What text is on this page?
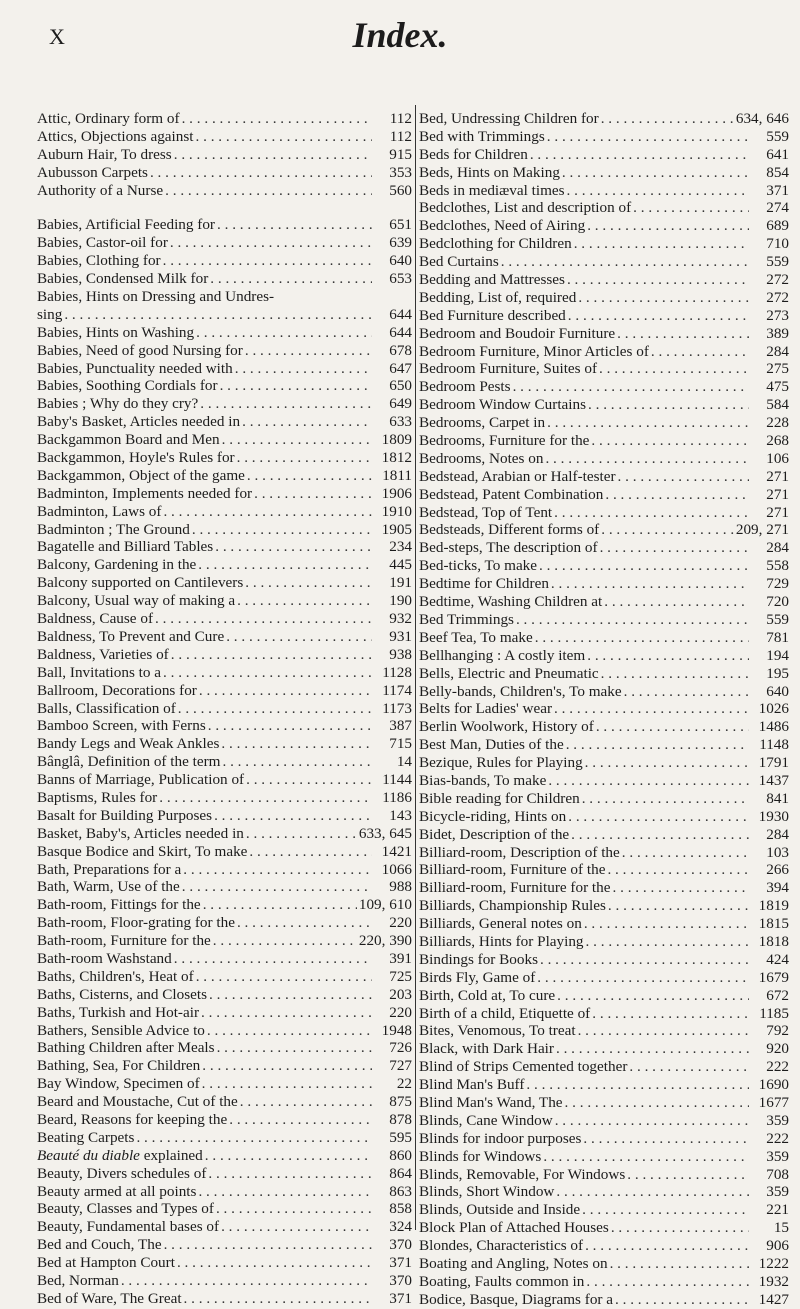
X	Index.
Attic, Ordinary form of . . .	112
Attics, Objections against . . .	112
Auburn Hair, To dress . . .	915
Aubusson Carpets . . .	353
Authority of a Nurse . . .	560
Babies, Artificial Feeding for . . .	651
Babies, Castor-oil for . . .	639
Babies, Clothing for . . .	640
Babies, Condensed Milk for . . .	653
Babies, Hints on Dressing and Undres-
sing . . .	644
Babies, Hints on Washing . . .	644
Babies, Need of good Nursing for . . .	678
Babies, Punctuality needed with . . .	647
Babies, Soothing Cordials for . . .	650
Babies ; Why do they cry? . . .	649
Baby's Basket, Articles needed in . . .	633
Backgammon Board and Men . . .	1809
Backgammon, Hoyle's Rules for . . .	1812
Backgammon, Object of the game . . .	1811
Badminton, Implements needed for . . .	1906
Badminton, Laws of . . .	1910
Badminton ; The Ground . . .	1905
Bagatelle and Billiard Tables . . .	234
Balcony, Gardening in the . . .	445
Balcony supported on Cantilevers . . .	191
Balcony, Usual way of making a . . .	190
Baldness, Cause of . . .	932
Baldness, To Prevent and Cure . . .	931
Baldness, Varieties of . . .	938
Ball, Invitations to a . . .	1128
Ballroom, Decorations for . . .	1174
Balls, Classification of . . .	1173
Bamboo Screen, with Ferns . . .	387
Bandy Legs and Weak Ankles . . .	715
Bânglâ, Definition of the term . . .	14
Banns of Marriage, Publication of . . .	1144
Baptisms, Rules for . . .	1186
Basalt for Building Purposes . . .	143
Basket, Baby's, Articles needed in . . .	633, 645
Basque Bodice and Skirt, To make . . .	1421
Bath, Preparations for a . . .	1066
Bath, Warm, Use of the . . .	988
Bath-room, Fittings for the . . .	109, 610
Bath-room, Floor-grating for the . . .	220
Bath-room, Furniture for the . . .	220, 390
Bath-room Washstand . . .	391
Baths, Children's, Heat of . . .	725
Baths, Cisterns, and Closets . . .	203
Baths, Turkish and Hot-air . . .	220
Bathers, Sensible Advice to . . .	1948
Bathing Children after Meals . . .	726
Bathing, Sea, For Children . . .	727
Bay Window, Specimen of . . .	22
Beard and Moustache, Cut of the . . .	875
Beard, Reasons for keeping the . . .	878
Beating Carpets . . .	595
Beauté du diable explained . . .	860
Beauty, Divers schedules of . . .	864
Beauty armed at all points . . .	863
Beauty, Classes and Types of . . .	858
Beauty, Fundamental bases of . . .	324
Bed and Couch, The . . .	370
Bed at Hampton Court . . .	371
Bed, Norman . . .	370
Bed of Ware, The Great . . .	371
Bed, Undressing Children for . . .	634, 646
Bed with Trimmings . . .	559
Beds for Children . . .	641
Beds, Hints on Making . . .	854
Beds in mediæval times . . .	371
Bedclothes, List and description of . . .	274
Bedclothes, Need of Airing . . .	689
Bedclothing for Children . . .	710
Bed Curtains . . .	559
Bedding and Mattresses . . .	272
Bedding, List of, required . . .	272
Bed Furniture described . . .	273
Bedroom and Boudoir Furniture . . .	389
Bedroom Furniture, Minor Articles of . . .	284
Bedroom Furniture, Suites of . . .	275
Bedroom Pests . . .	475
Bedroom Window Curtains . . .	584
Bedrooms, Carpet in . . .	228
Bedrooms, Furniture for the . . .	268
Bedrooms, Notes on . . .	106
Bedstead, Arabian or Half-tester . . .	271
Bedstead, Patent Combination . . .	271
Bedstead, Top of Tent . . .	271
Bedsteads, Different forms of . . .	209, 271
Bed-steps, The description of . . .	284
Bed-ticks, To make . . .	558
Bedtime for Children . . .	729
Bedtime, Washing Children at . . .	720
Bed Trimmings . . .	559
Beef Tea, To make . . .	781
Bellhanging : A costly item . . .	194
Bells, Electric and Pneumatic . . .	195
Belly-bands, Children's, To make . . .	640
Belts for Ladies' wear . . .	1026
Berlin Woolwork, History of . . .	1486
Best Man, Duties of the . . .	1148
Bezique, Rules for Playing . . .	1791
Bias-bands, To make . . .	1437
Bible reading for Children . . .	841
Bicycle-riding, Hints on . . .	1930
Bidet, Description of the . . .	284
Billiard-room, Description of the . . .	103
Billiard-room, Furniture of the . . .	266
Billiard-room, Furniture for the . . .	394
Billiards, Championship Rules . . .	1819
Billiards, General notes on . . .	1815
Billiards, Hints for Playing . . .	1818
Bindings for Books . . .	424
Birds Fly, Game of . . .	1679
Birth, Cold at, To cure . . .	672
Birth of a child, Etiquette of . . .	1185
Bites, Venomous, To treat . . .	792
Black, with Dark Hair . . .	920
Blind of Strips Cemented together . . .	222
Blind Man's Buff . . .	1690
Blind Man's Wand, The . . .	1677
Blinds, Cane Window . . .	359
Blinds for indoor purposes . . .	222
Blinds for Windows . . .	359
Blinds, Removable, For Windows . . .	708
Blinds, Short Window . . .	359
Blinds, Outside and Inside . . .	221
Block Plan of Attached Houses . . .	15
Blondes, Characteristics of . . .	906
Boating and Angling, Notes on . . .	1222
Boating, Faults common in . . .	1932
Bodice, Basque, Diagrams for a . . .	1427
